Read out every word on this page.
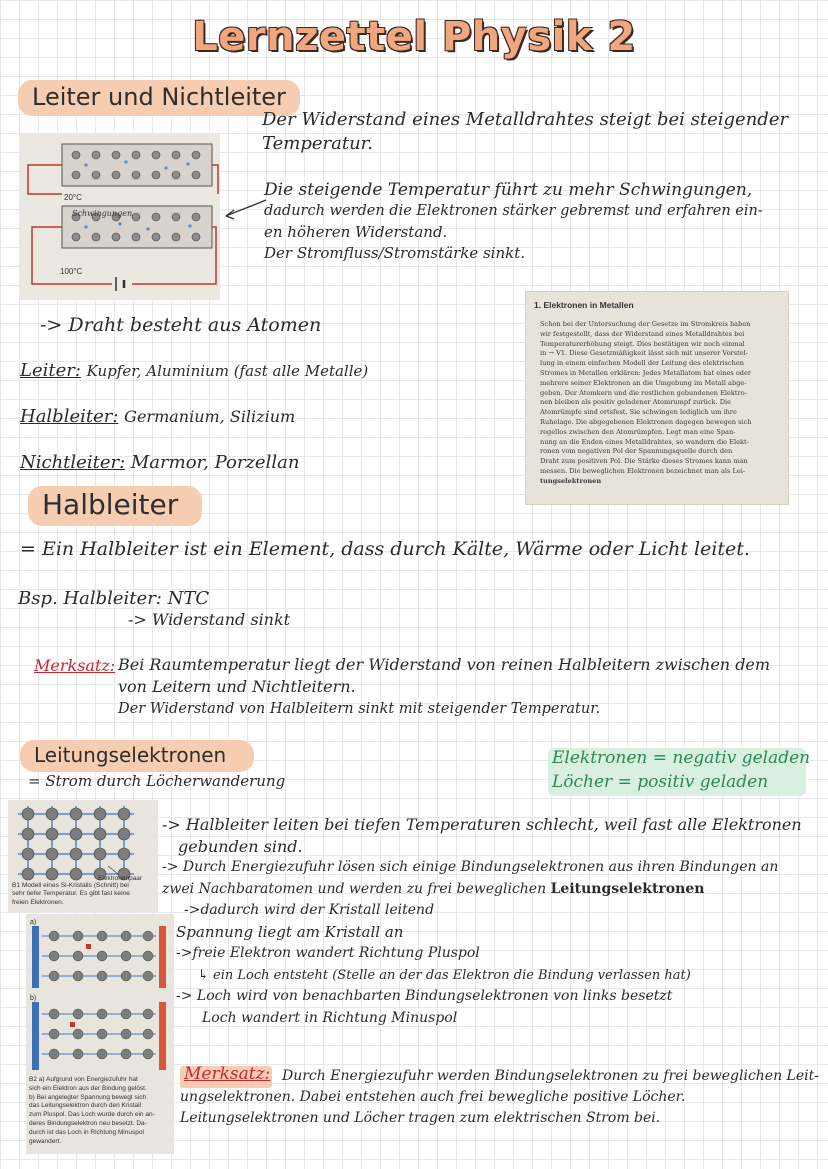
Lernzettel Physik 2
Leiter und Nichtleiter

Der Widerstand eines Metalldrahtes steigt bei steigender

Temperatur.

20°C
Schwingungen
100°C

Die steigende Temperatur führt zu mehr Schwingungen,

dadurch werden die Elektronen stärker gebremst und erfahren ein-

en höheren Widerstand.

Der Stromfluss/Stromstärke sinkt.

1. Elektronen in Metallen

Schon bei der Untersuchung der Gesetze im Stromkreis haben

wir festgestellt, dass der Widerstand eines Metalldrahtes bei

Temperaturerhöhung steigt. Dies bestätigen wir noch einmal

in → V1. Diese Gesetzmäßigkeit lässt sich mit unserer Vorstel-

lung in einem einfachen Modell der Leitung des elektrischen

Stromes in Metallen erklären: Jedes Metallatom hat eines oder

mehrere seiner Elektronen an die Umgebung im Metall abge-

geben. Der Atomkern und die restlichen gebundenen Elektro-

nen bleiben als positiv geladener Atomrumpf zurück. Die

Atomrümpfe sind ortsfest. Sie schwingen lediglich um ihre

Ruhelage. Die abgegebenen Elektronen dagegen bewegen sich

regellos zwischen den Atomrümpfen. Legt man eine Span-

nung an die Enden eines Metalldrahtes, so wandern die Elekt-

ronen vom negativen Pol der Spannungsquelle durch den

Draht zum positiven Pol. Die Stärke dieses Stromes kann man

messen. Die beweglichen Elektronen bezeichnet man als Lei-

tungselektronen

-> Draht besteht aus Atomen
Leiter: Kupfer, Aluminium (fast alle Metalle)
Halbleiter: Germanium, Silizium
Nichtleiter: Marmor, Porzellan
Halbleiter
= Ein Halbleiter ist ein Element, dass durch Kälte, Wärme oder Licht leitet.
Bsp. Halbleiter: NTC
-> Widerstand sinkt
Merksatz: Bei Raumtemperatur liegt der Widerstand von reinen Halbleitern zwischen dem

von Leitern und Nichtleitern.

Der Widerstand von Halbleitern sinkt mit steigender Temperatur.

Leitungselektronen
= Strom durch Löcherwanderung

Elektronen = negativ geladen

Löcher = positiv geladen

Elektronenpaar

B1 Modell eines Si-Kristalls (Schnitt) bei

sehr tiefer Temperatur. Es gibt fast keine

freien Elektronen.

a)
b)

B2 a) Aufgrund von Energiezufuhr hat

sich ein Elektron aus der Bindung gelöst.

b) Bei angelegter Spannung bewegt sich

das Leitungselektron durch den Kristall

zum Pluspol. Das Loch wurde durch ein an-

deres Bindungselektron neu besetzt. Da-

durch ist das Loch in Richtung Minuspol

gewandert.

-> Halbleiter leiten bei tiefen Temperaturen schlecht, weil fast alle Elektronen

gebunden sind.

-> Durch Energiezufuhr lösen sich einige Bindungselektronen aus ihren Bindungen an

zwei Nachbaratomen und werden zu frei beweglichen Leitungselektronen

->dadurch wird der Kristall leitend

Spannung liegt am Kristall an

->freie Elektron wandert Richtung Pluspol

↳ ein Loch entsteht (Stelle an der das Elektron die Bindung verlassen hat)

-> Loch wird von benachbarten Bindungselektronen von links besetzt

Loch wandert in Richtung Minuspol

Merksatz: Durch Energiezufuhr werden Bindungselektronen zu frei beweglichen Leit-

ungselektronen. Dabei entstehen auch frei bewegliche positive Löcher.

Leitungselektronen und Löcher tragen zum elektrischen Strom bei.
